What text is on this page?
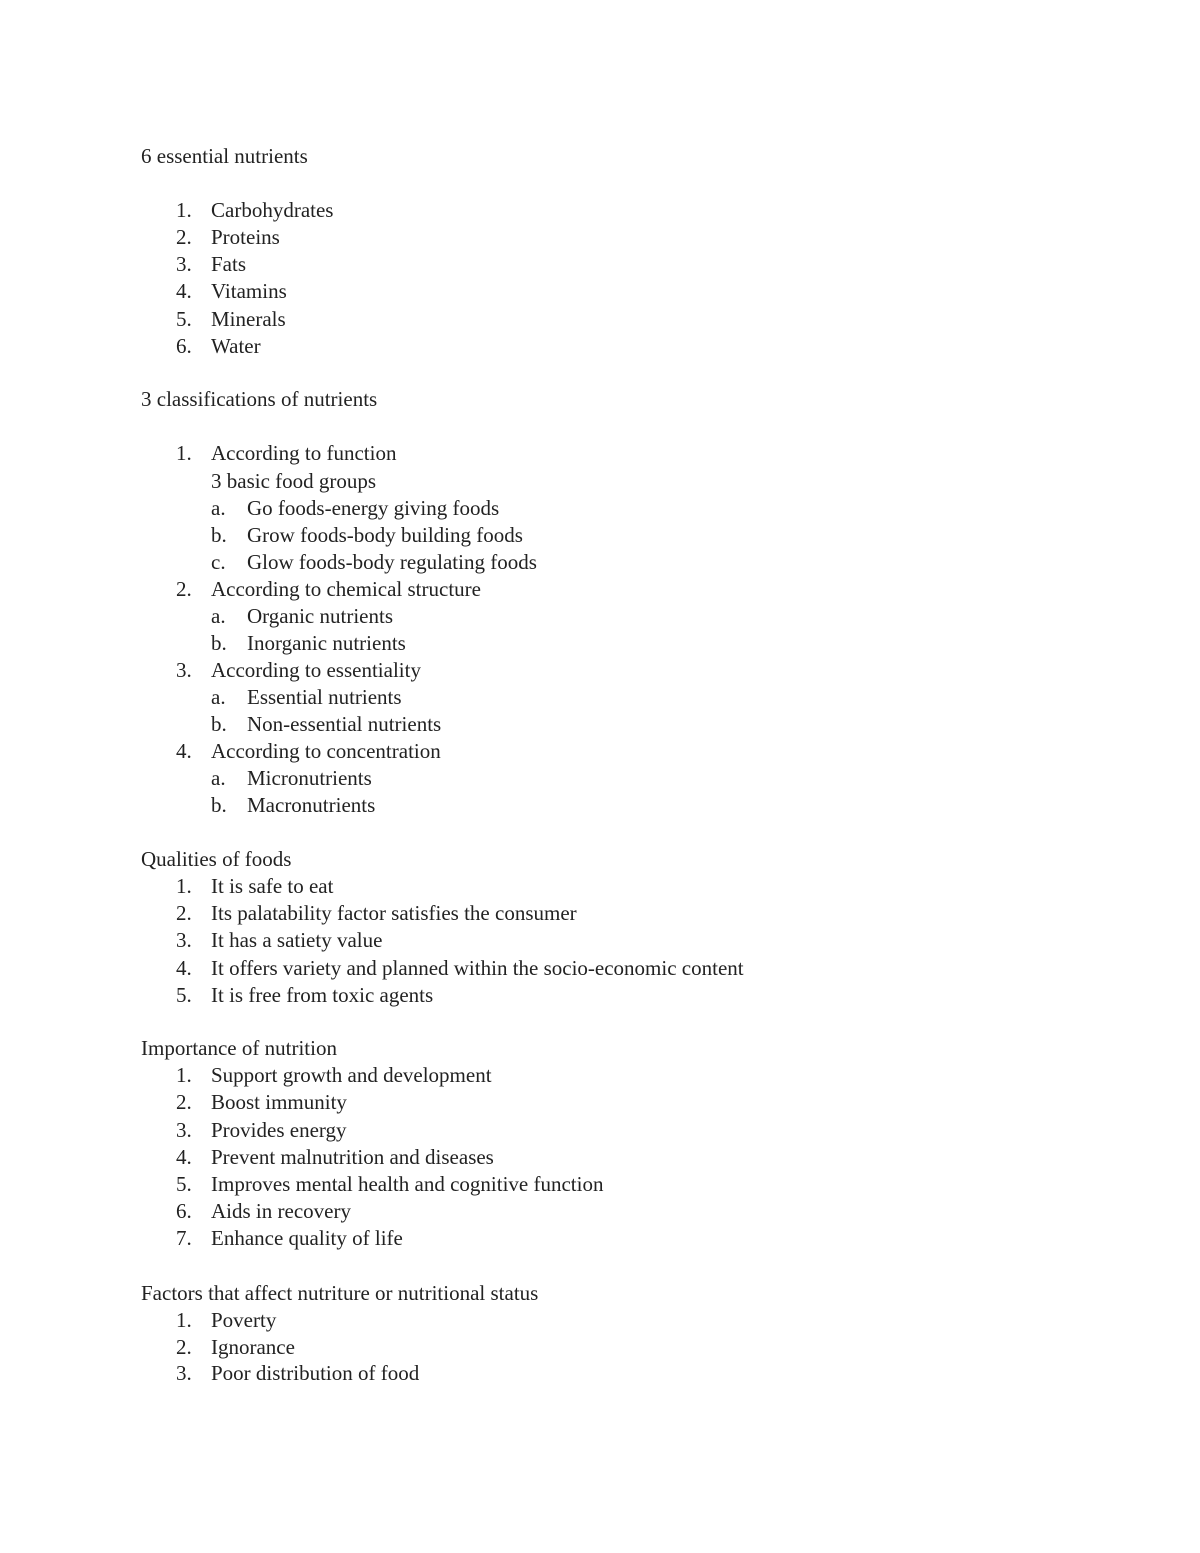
6 essential nutrients
1. Carbohydrates
2. Proteins
3. Fats
4. Vitamins
5. Minerals
6. Water
3 classifications of nutrients
1. According to function
3 basic food groups
a. Go foods-energy giving foods
b. Grow foods-body building foods
c. Glow foods-body regulating foods
2. According to chemical structure
a. Organic nutrients
b. Inorganic nutrients
3. According to essentiality
a. Essential nutrients
b. Non-essential nutrients
4. According to concentration
a. Micronutrients
b. Macronutrients
Qualities of foods
1. It is safe to eat
2. Its palatability factor satisfies the consumer
3. It has a satiety value
4. It offers variety and planned within the socio-economic content
5. It is free from toxic agents
Importance of nutrition
1. Support growth and development
2. Boost immunity
3. Provides energy
4. Prevent malnutrition and diseases
5. Improves mental health and cognitive function
6. Aids in recovery
7. Enhance quality of life
Factors that affect nutriture or nutritional status
1. Poverty
2. Ignorance
3. Poor distribution of food
